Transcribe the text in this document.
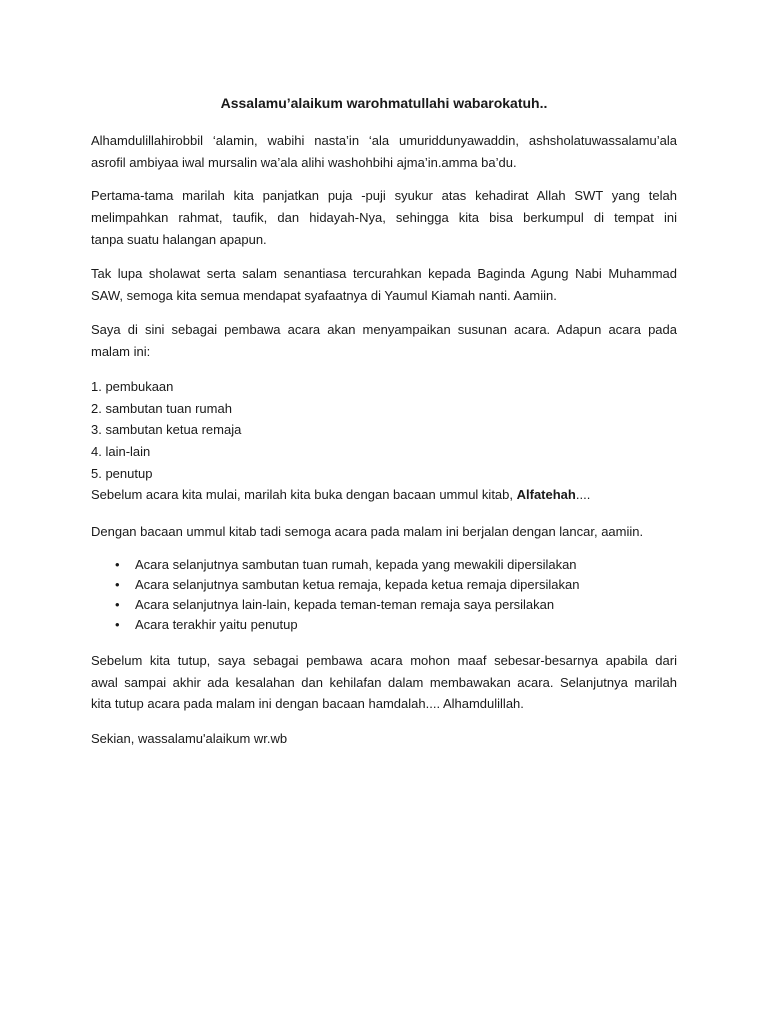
Assalamu’alaikum warohmatullahi wabarokatuh..
Alhamdulillahirobbil ‘alamin, wabihi nasta’in ‘ala umuriddunyawaddin, ashsholatuwassalamu’ala
asrofil ambiyaa iwal mursalin wa’ala alihi washohbihi ajma’in.amma ba’du.
Pertama-tama marilah kita panjatkan puja -puji syukur atas kehadirat Allah SWT yang telah
melimpahkan rahmat, taufik, dan hidayah-Nya, sehingga kita bisa berkumpul di tempat ini
tanpa suatu halangan apapun.
Tak lupa sholawat serta salam senantiasa tercurahkan kepada Baginda Agung Nabi Muhammad
SAW, semoga kita semua mendapat syafaatnya di Yaumul Kiamah nanti. Aamiin.
Saya di sini sebagai pembawa acara akan menyampaikan susunan acara. Adapun acara pada
malam ini:
1. pembukaan
2. sambutan tuan rumah
3. sambutan ketua remaja
4. lain-lain
5. penutup
Sebelum acara kita mulai, marilah kita buka dengan bacaan ummul kitab, Alfatehah....
Dengan bacaan ummul kitab tadi semoga acara pada malam ini berjalan dengan lancar, aamiin.
• Acara selanjutnya sambutan tuan rumah, kepada yang mewakili dipersilakan
• Acara selanjutnya sambutan ketua remaja, kepada ketua remaja dipersilakan
• Acara selanjutnya lain-lain, kepada teman-teman remaja saya persilakan
• Acara terakhir yaitu penutup
Sebelum kita tutup, saya sebagai pembawa acara mohon maaf sebesar-besarnya apabila dari
awal sampai akhir ada kesalahan dan kehilafan dalam membawakan acara. Selanjutnya marilah
kita tutup acara pada malam ini dengan bacaan hamdalah.... Alhamdulillah.
Sekian, wassalamu'alaikum wr.wb
